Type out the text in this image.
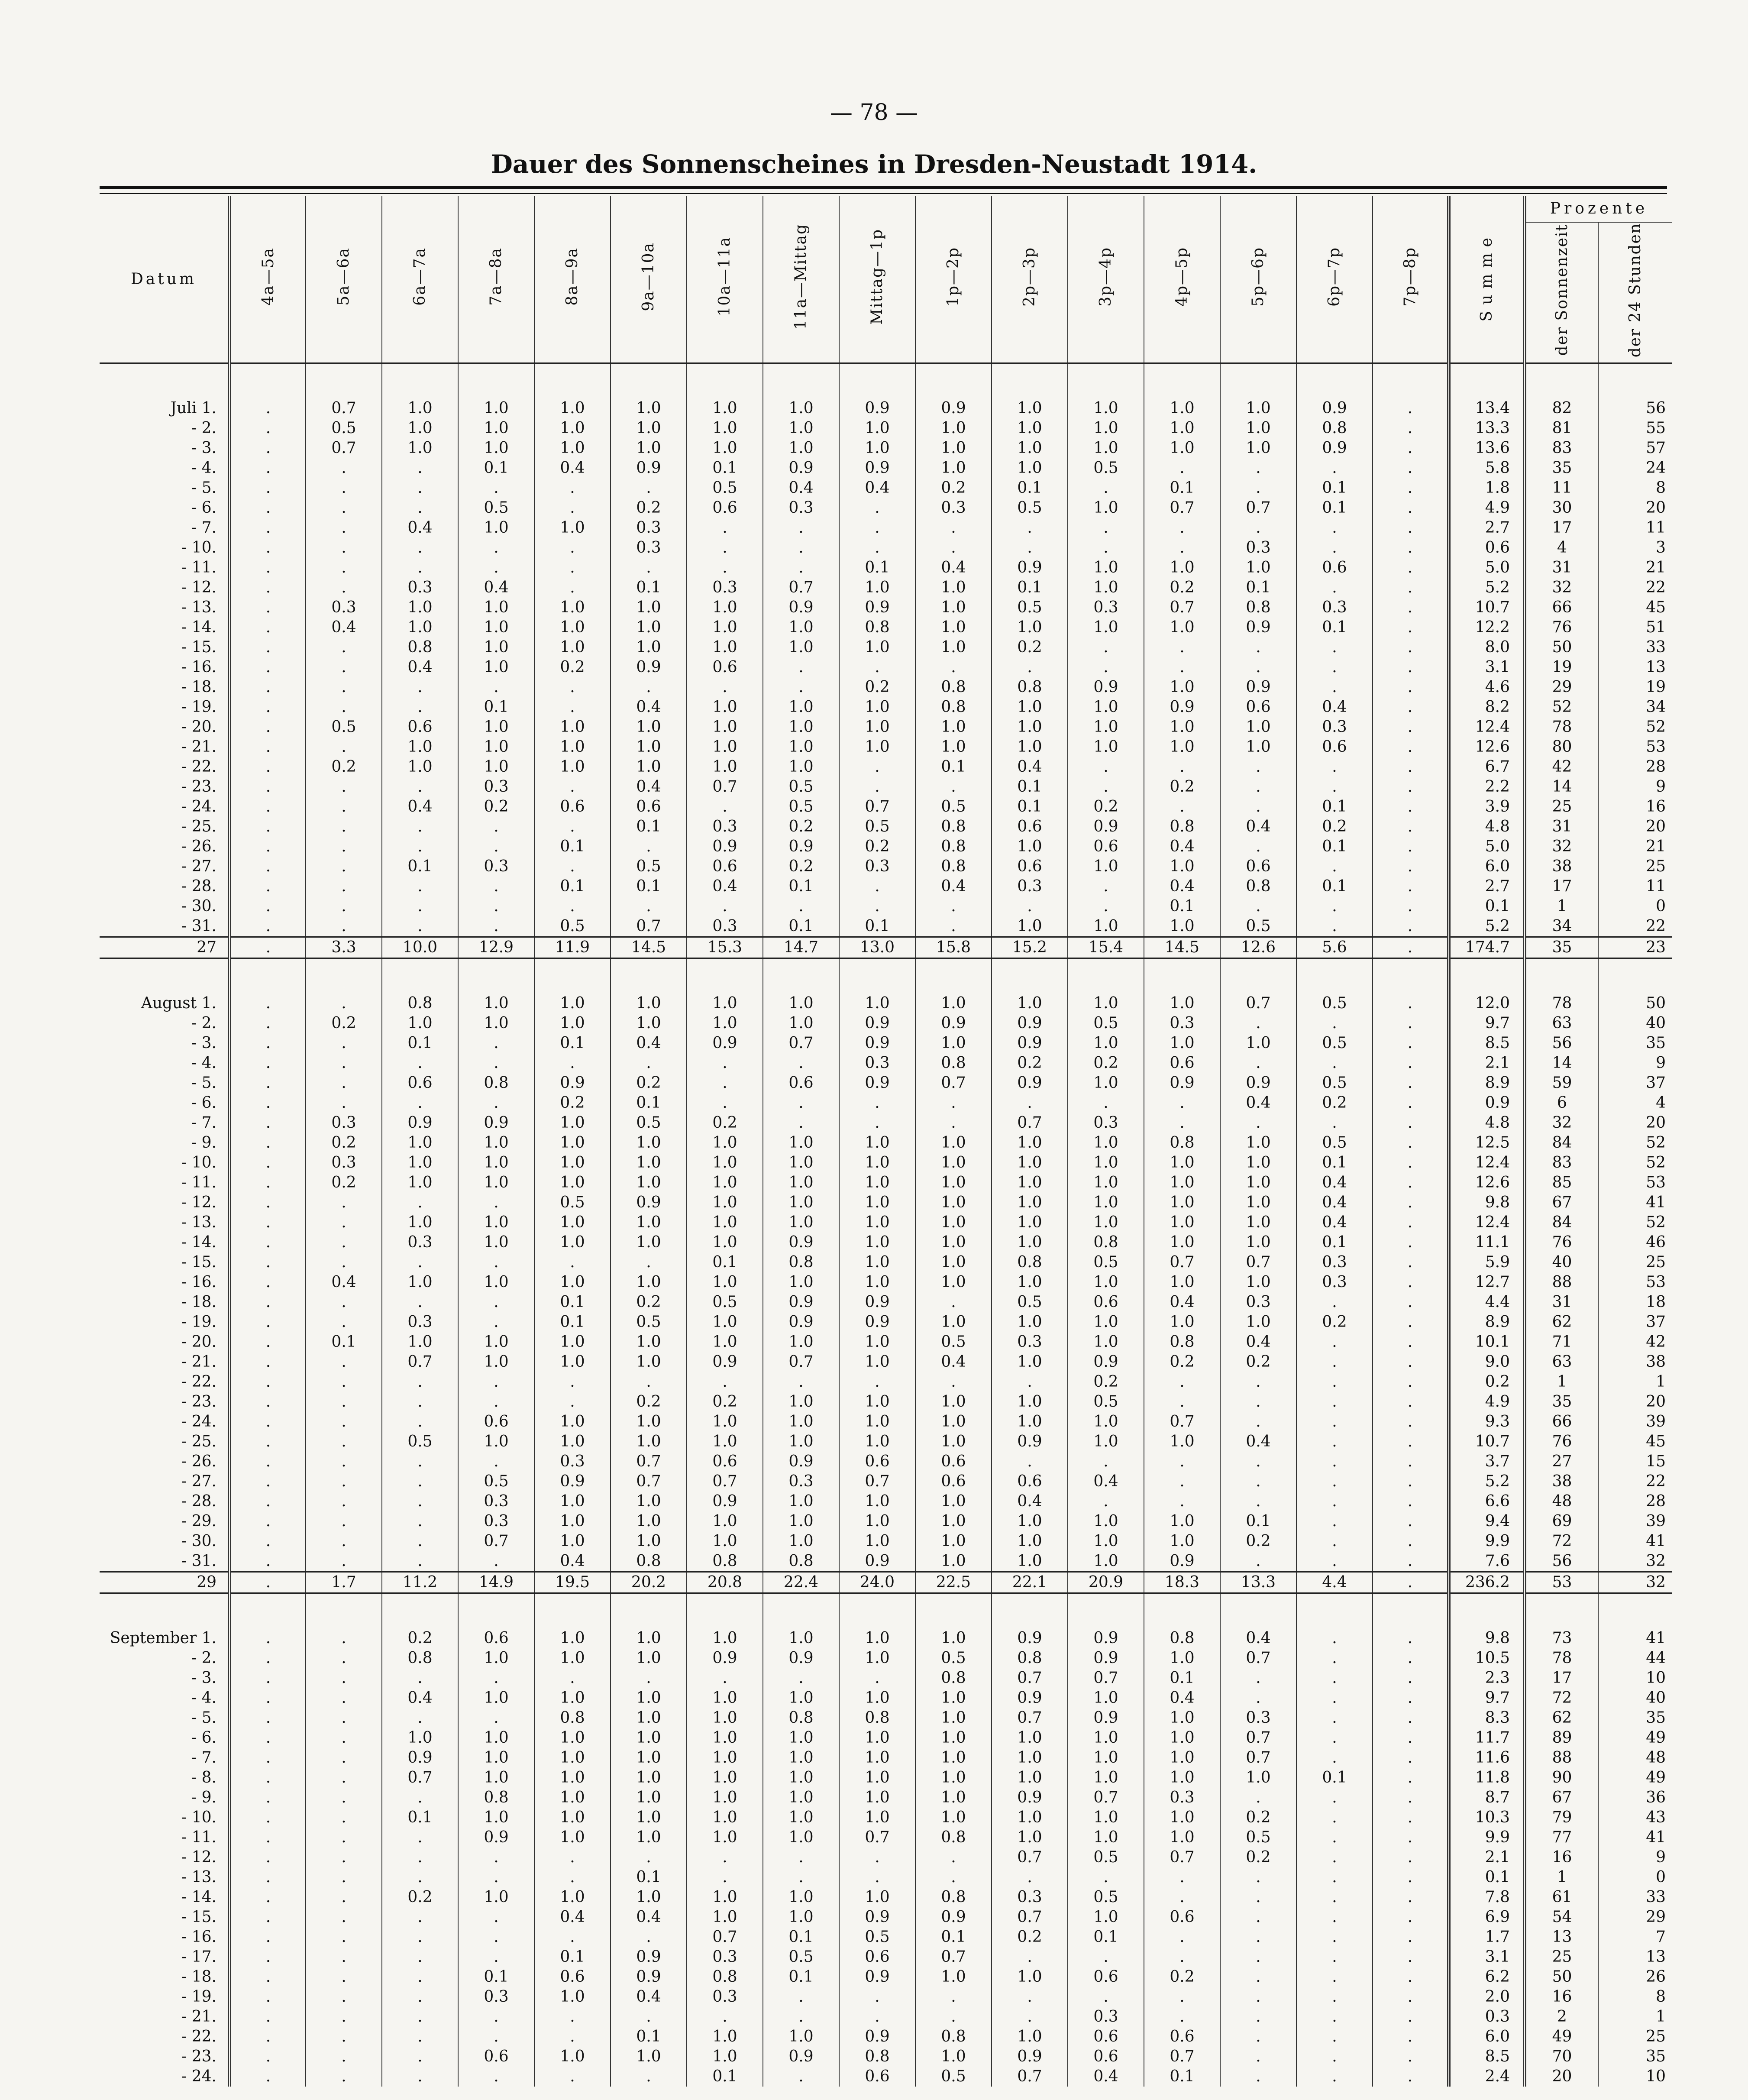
— 78 —
Dauer des Sonnenscheines in Dresden-Neustadt 1914.
Datum	4a—5a	5a—6a	6a—7a	7a—8a	8a—9a	9a—10a	10a—11a	11a—Mittag	Mittag—1p	1p—2p	2p—3p	3p—4p	4p—5p	5p—6p	6p—7p	7p—8p	Summe	Prozente	
																		der Sonnenzeit	der 24 Stunden

Juli 1.	.	0.7	1.0	1.0	1.0	1.0	1.0	1.0	0.9	0.9	1.0	1.0	1.0	1.0	0.9	.	13.4	82	56
- 2.	.	0.5	1.0	1.0	1.0	1.0	1.0	1.0	1.0	1.0	1.0	1.0	1.0	1.0	0.8	.	13.3	81	55
- 3.	.	0.7	1.0	1.0	1.0	1.0	1.0	1.0	1.0	1.0	1.0	1.0	1.0	1.0	0.9	.	13.6	83	57
- 4.	.	.	.	0.1	0.4	0.9	0.1	0.9	0.9	1.0	1.0	0.5	.	.	.	.	5.8	35	24
- 5.	.	.	.	.	.	.	0.5	0.4	0.4	0.2	0.1	.	0.1	.	0.1	.	1.8	11	8
- 6.	.	.	.	0.5	.	0.2	0.6	0.3	.	0.3	0.5	1.0	0.7	0.7	0.1	.	4.9	30	20
- 7.	.	.	0.4	1.0	1.0	0.3	.	.	.	.	.	.	.	.	.	.	2.7	17	11
- 10.	.	.	.	.	.	0.3	.	.	.	.	.	.	.	0.3	.	.	0.6	4	3
- 11.	.	.	.	.	.	.	.	.	0.1	0.4	0.9	1.0	1.0	1.0	0.6	.	5.0	31	21
- 12.	.	.	0.3	0.4	.	0.1	0.3	0.7	1.0	1.0	0.1	1.0	0.2	0.1	.	.	5.2	32	22
- 13.	.	0.3	1.0	1.0	1.0	1.0	1.0	0.9	0.9	1.0	0.5	0.3	0.7	0.8	0.3	.	10.7	66	45
- 14.	.	0.4	1.0	1.0	1.0	1.0	1.0	1.0	0.8	1.0	1.0	1.0	1.0	0.9	0.1	.	12.2	76	51
- 15.	.	.	0.8	1.0	1.0	1.0	1.0	1.0	1.0	1.0	0.2	.	.	.	.	.	8.0	50	33
- 16.	.	.	0.4	1.0	0.2	0.9	0.6	.	.	.	.	.	.	.	.	.	3.1	19	13
- 18.	.	.	.	.	.	.	.	.	0.2	0.8	0.8	0.9	1.0	0.9	.	.	4.6	29	19
- 19.	.	.	.	0.1	.	0.4	1.0	1.0	1.0	0.8	1.0	1.0	0.9	0.6	0.4	.	8.2	52	34
- 20.	.	0.5	0.6	1.0	1.0	1.0	1.0	1.0	1.0	1.0	1.0	1.0	1.0	1.0	0.3	.	12.4	78	52
- 21.	.	.	1.0	1.0	1.0	1.0	1.0	1.0	1.0	1.0	1.0	1.0	1.0	1.0	0.6	.	12.6	80	53
- 22.	.	0.2	1.0	1.0	1.0	1.0	1.0	1.0	.	0.1	0.4	.	.	.	.	.	6.7	42	28
- 23.	.	.	.	0.3	.	0.4	0.7	0.5	.	.	0.1	.	0.2	.	.	.	2.2	14	9
- 24.	.	.	0.4	0.2	0.6	0.6	.	0.5	0.7	0.5	0.1	0.2	.	.	0.1	.	3.9	25	16
- 25.	.	.	.	.	.	0.1	0.3	0.2	0.5	0.8	0.6	0.9	0.8	0.4	0.2	.	4.8	31	20
- 26.	.	.	.	.	0.1	.	0.9	0.9	0.2	0.8	1.0	0.6	0.4	.	0.1	.	5.0	32	21
- 27.	.	.	0.1	0.3	.	0.5	0.6	0.2	0.3	0.8	0.6	1.0	1.0	0.6	.	.	6.0	38	25
- 28.	.	.	.	.	0.1	0.1	0.4	0.1	.	0.4	0.3	.	0.4	0.8	0.1	.	2.7	17	11
- 30.	.	.	.	.	.	.	.	.	.	.	.	.	0.1	.	.	.	0.1	1	0
- 31.	.	.	.	.	0.5	0.7	0.3	0.1	0.1	.	1.0	1.0	1.0	0.5	.	.	5.2	34	22
27	.	3.3	10.0	12.9	11.9	14.5	15.3	14.7	13.0	15.8	15.2	15.4	14.5	12.6	5.6	.	174.7	35	23

August 1.	.	.	0.8	1.0	1.0	1.0	1.0	1.0	1.0	1.0	1.0	1.0	1.0	0.7	0.5	.	12.0	78	50
- 2.	.	0.2	1.0	1.0	1.0	1.0	1.0	1.0	0.9	0.9	0.9	0.5	0.3	.	.	.	9.7	63	40
- 3.	.	.	0.1	.	0.1	0.4	0.9	0.7	0.9	1.0	0.9	1.0	1.0	1.0	0.5	.	8.5	56	35
- 4.	.	.	.	.	.	.	.	.	0.3	0.8	0.2	0.2	0.6	.	.	.	2.1	14	9
- 5.	.	.	0.6	0.8	0.9	0.2	.	0.6	0.9	0.7	0.9	1.0	0.9	0.9	0.5	.	8.9	59	37
- 6.	.	.	.	.	0.2	0.1	.	.	.	.	.	.	.	0.4	0.2	.	0.9	6	4
- 7.	.	0.3	0.9	0.9	1.0	0.5	0.2	.	.	.	0.7	0.3	.	.	.	.	4.8	32	20
- 9.	.	0.2	1.0	1.0	1.0	1.0	1.0	1.0	1.0	1.0	1.0	1.0	0.8	1.0	0.5	.	12.5	84	52
- 10.	.	0.3	1.0	1.0	1.0	1.0	1.0	1.0	1.0	1.0	1.0	1.0	1.0	1.0	0.1	.	12.4	83	52
- 11.	.	0.2	1.0	1.0	1.0	1.0	1.0	1.0	1.0	1.0	1.0	1.0	1.0	1.0	0.4	.	12.6	85	53
- 12.	.	.	.	.	0.5	0.9	1.0	1.0	1.0	1.0	1.0	1.0	1.0	1.0	0.4	.	9.8	67	41
- 13.	.	.	1.0	1.0	1.0	1.0	1.0	1.0	1.0	1.0	1.0	1.0	1.0	1.0	0.4	.	12.4	84	52
- 14.	.	.	0.3	1.0	1.0	1.0	1.0	0.9	1.0	1.0	1.0	0.8	1.0	1.0	0.1	.	11.1	76	46
- 15.	.	.	.	.	.	.	0.1	0.8	1.0	1.0	0.8	0.5	0.7	0.7	0.3	.	5.9	40	25
- 16.	.	0.4	1.0	1.0	1.0	1.0	1.0	1.0	1.0	1.0	1.0	1.0	1.0	1.0	0.3	.	12.7	88	53
- 18.	.	.	.	.	0.1	0.2	0.5	0.9	0.9	.	0.5	0.6	0.4	0.3	.	.	4.4	31	18
- 19.	.	.	0.3	.	0.1	0.5	1.0	0.9	0.9	1.0	1.0	1.0	1.0	1.0	0.2	.	8.9	62	37
- 20.	.	0.1	1.0	1.0	1.0	1.0	1.0	1.0	1.0	0.5	0.3	1.0	0.8	0.4	.	.	10.1	71	42
- 21.	.	.	0.7	1.0	1.0	1.0	0.9	0.7	1.0	0.4	1.0	0.9	0.2	0.2	.	.	9.0	63	38
- 22.	.	.	.	.	.	.	.	.	.	.	.	0.2	.	.	.	.	0.2	1	1
- 23.	.	.	.	.	.	0.2	0.2	1.0	1.0	1.0	1.0	0.5	.	.	.	.	4.9	35	20
- 24.	.	.	.	0.6	1.0	1.0	1.0	1.0	1.0	1.0	1.0	1.0	0.7	.	.	.	9.3	66	39
- 25.	.	.	0.5	1.0	1.0	1.0	1.0	1.0	1.0	1.0	0.9	1.0	1.0	0.4	.	.	10.7	76	45
- 26.	.	.	.	.	0.3	0.7	0.6	0.9	0.6	0.6	.	.	.	.	.	.	3.7	27	15
- 27.	.	.	.	0.5	0.9	0.7	0.7	0.3	0.7	0.6	0.6	0.4	.	.	.	.	5.2	38	22
- 28.	.	.	.	0.3	1.0	1.0	0.9	1.0	1.0	1.0	0.4	.	.	.	.	.	6.6	48	28
- 29.	.	.	.	0.3	1.0	1.0	1.0	1.0	1.0	1.0	1.0	1.0	1.0	0.1	.	.	9.4	69	39
- 30.	.	.	.	0.7	1.0	1.0	1.0	1.0	1.0	1.0	1.0	1.0	1.0	0.2	.	.	9.9	72	41
- 31.	.	.	.	.	0.4	0.8	0.8	0.8	0.9	1.0	1.0	1.0	0.9	.	.	.	7.6	56	32
29	.	1.7	11.2	14.9	19.5	20.2	20.8	22.4	24.0	22.5	22.1	20.9	18.3	13.3	4.4	.	236.2	53	32

September 1.	.	.	0.2	0.6	1.0	1.0	1.0	1.0	1.0	1.0	0.9	0.9	0.8	0.4	.	.	9.8	73	41
- 2.	.	.	0.8	1.0	1.0	1.0	0.9	0.9	1.0	0.5	0.8	0.9	1.0	0.7	.	.	10.5	78	44
- 3.	.	.	.	.	.	.	.	.	.	0.8	0.7	0.7	0.1	.	.	.	2.3	17	10
- 4.	.	.	0.4	1.0	1.0	1.0	1.0	1.0	1.0	1.0	0.9	1.0	0.4	.	.	.	9.7	72	40
- 5.	.	.	.	.	0.8	1.0	1.0	0.8	0.8	1.0	0.7	0.9	1.0	0.3	.	.	8.3	62	35
- 6.	.	.	1.0	1.0	1.0	1.0	1.0	1.0	1.0	1.0	1.0	1.0	1.0	0.7	.	.	11.7	89	49
- 7.	.	.	0.9	1.0	1.0	1.0	1.0	1.0	1.0	1.0	1.0	1.0	1.0	0.7	.	.	11.6	88	48
- 8.	.	.	0.7	1.0	1.0	1.0	1.0	1.0	1.0	1.0	1.0	1.0	1.0	1.0	0.1	.	11.8	90	49
- 9.	.	.	.	0.8	1.0	1.0	1.0	1.0	1.0	1.0	0.9	0.7	0.3	.	.	.	8.7	67	36
- 10.	.	.	0.1	1.0	1.0	1.0	1.0	1.0	1.0	1.0	1.0	1.0	1.0	0.2	.	.	10.3	79	43
- 11.	.	.	.	0.9	1.0	1.0	1.0	1.0	0.7	0.8	1.0	1.0	1.0	0.5	.	.	9.9	77	41
- 12.	.	.	.	.	.	.	.	.	.	.	0.7	0.5	0.7	0.2	.	.	2.1	16	9
- 13.	.	.	.	.	.	0.1	.	.	.	.	.	.	.	.	.	.	0.1	1	0
- 14.	.	.	0.2	1.0	1.0	1.0	1.0	1.0	1.0	0.8	0.3	0.5	.	.	.	.	7.8	61	33
- 15.	.	.	.	.	0.4	0.4	1.0	1.0	0.9	0.9	0.7	1.0	0.6	.	.	.	6.9	54	29
- 16.	.	.	.	.	.	.	0.7	0.1	0.5	0.1	0.2	0.1	.	.	.	.	1.7	13	7
- 17.	.	.	.	.	0.1	0.9	0.3	0.5	0.6	0.7	.	.	.	.	.	.	3.1	25	13
- 18.	.	.	.	0.1	0.6	0.9	0.8	0.1	0.9	1.0	1.0	0.6	0.2	.	.	.	6.2	50	26
- 19.	.	.	.	0.3	1.0	0.4	0.3	.	.	.	.	.	.	.	.	.	2.0	16	8
- 21.	.	.	.	.	.	.	.	.	.	.	.	0.3	.	.	.	.	0.3	2	1
- 22.	.	.	.	.	.	0.1	1.0	1.0	0.9	0.8	1.0	0.6	0.6	.	.	.	6.0	49	25
- 23.	.	.	.	0.6	1.0	1.0	1.0	0.9	0.8	1.0	0.9	0.6	0.7	.	.	.	8.5	70	35
- 24.	.	.	.	.	.	.	0.1	.	0.6	0.5	0.7	0.4	0.1	.	.	.	2.4	20	10
